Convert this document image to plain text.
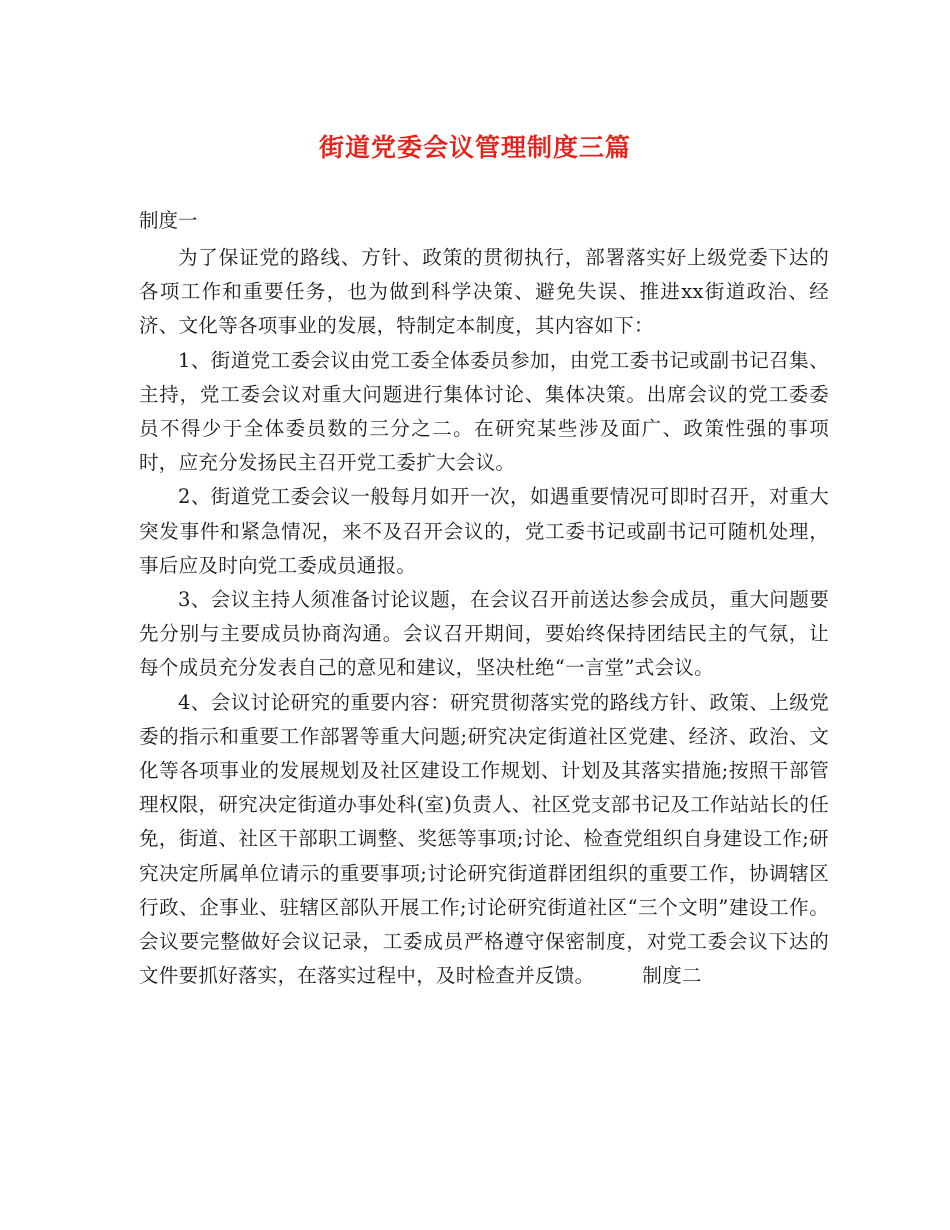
街道党委会议管理制度三篇

制度一

为了保证党的路线、方针、政策的贯彻执行，部署落实好上级党委下达的各项工作和重要任务，也为做到科学决策、避免失误、推进xx街道政治、经济、文化等各项事业的发展，特制定本制度，其内容如下：

1、街道党工委会议由党工委全体委员参加，由党工委书记或副书记召集、主持，党工委会议对重大问题进行集体讨论、集体决策。出席会议的党工委委员不得少于全体委员数的三分之二。在研究某些涉及面广、政策性强的事项时，应充分发扬民主召开党工委扩大会议。

2、街道党工委会议一般每月如开一次，如遇重要情况可即时召开，对重大突发事件和紧急情况，来不及召开会议的，党工委书记或副书记可随机处理，事后应及时向党工委成员通报。

3、会议主持人须准备讨论议题，在会议召开前送达参会成员，重大问题要先分别与主要成员协商沟通。会议召开期间，要始终保持团结民主的气氛，让每个成员充分发表自己的意见和建议，坚决杜绝“一言堂”式会议。

4、会议讨论研究的重要内容：研究贯彻落实党的路线方针、政策、上级党委的指示和重要工作部署等重大问题;研究决定街道社区党建、经济、政治、文化等各项事业的发展规划及社区建设工作规划、计划及其落实措施;按照干部管理权限，研究决定街道办事处科(室)负责人、社区党支部书记及工作站站长的任免，街道、社区干部职工调整、奖惩等事项;讨论、检查党组织自身建设工作;研究决定所属单位请示的重要事项;讨论研究街道群团组织的重要工作，协调辖区行政、企事业、驻辖区部队开展工作;讨论研究街道社区“三个文明”建设工作。会议要完整做好会议记录，工委成员严格遵守保密制度，对党工委会议下达的文件要抓好落实，在落实过程中，及时检查并反馈。 制度二
